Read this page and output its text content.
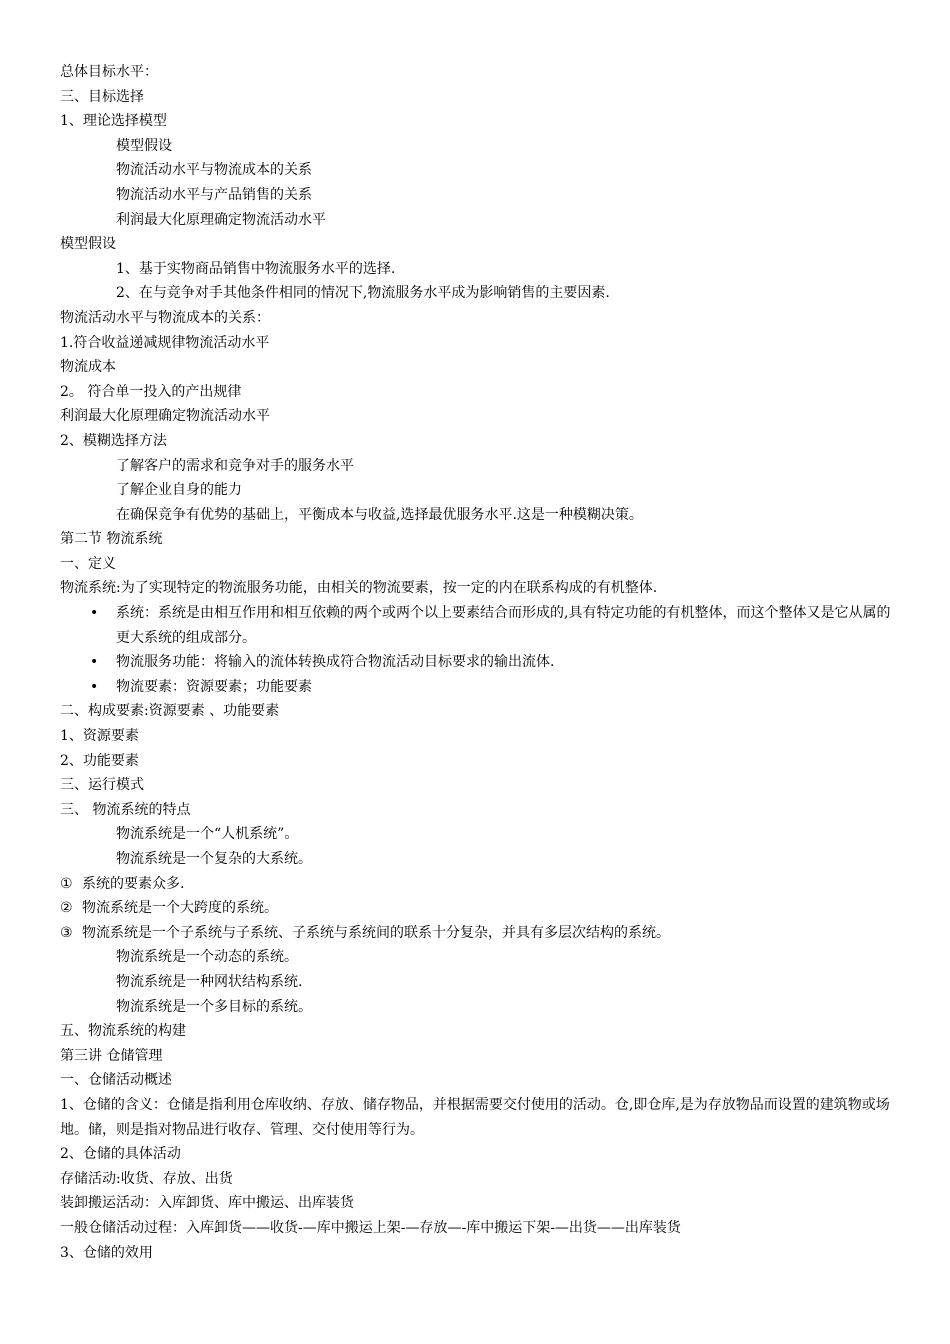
总体目标水平：
三、目标选择
1、理论选择模型
模型假设
物流活动水平与物流成本的关系
物流活动水平与产品销售的关系
利润最大化原理确定物流活动水平
模型假设
1、基于实物商品销售中物流服务水平的选择.
2、在与竞争对手其他条件相同的情况下,物流服务水平成为影响销售的主要因素.
物流活动水平与物流成本的关系：
1.符合收益递减规律物流活动水平
物流成本
2。 符合单一投入的产出规律
利润最大化原理确定物流活动水平
2、模糊选择方法
了解客户的需求和竞争对手的服务水平
了解企业自身的能力
在确保竞争有优势的基础上，平衡成本与收益,选择最优服务水平.这是一种模糊决策。
第二节 物流系统
一、定义
物流系统:为了实现特定的物流服务功能，由相关的物流要素，按一定的内在联系构成的有机整体.
•	系统：系统是由相互作用和相互依赖的两个或两个以上要素结合而形成的,具有特定功能的有机整体，而这个整体又是它从属的更大系统的组成部分。
•	物流服务功能：将输入的流体转换成符合物流活动目标要求的输出流体.
•	物流要素：资源要素；功能要素
二、构成要素:资源要素 、功能要素
1、资源要素
2、功能要素
三、运行模式
三、 物流系统的特点
物流系统是一个“人机系统”。
物流系统是一个复杂的大系统。
① 系统的要素众多.
② 物流系统是一个大跨度的系统。
③ 物流系统是一个子系统与子系统、子系统与系统间的联系十分复杂，并具有多层次结构的系统。
物流系统是一个动态的系统。
物流系统是一种网状结构系统.
物流系统是一个多目标的系统。
五、物流系统的构建
第三讲 仓储管理
一、仓储活动概述
1、仓储的含义：仓储是指利用仓库收纳、存放、储存物品，并根据需要交付使用的活动。仓,即仓库,是为存放物品而设置的建筑物或场地。储，则是指对物品进行收存、管理、交付使用等行为。
2、仓储的具体活动
存储活动:收货、存放、出货
装卸搬运活动：入库卸货、库中搬运、出库装货
一般仓储活动过程：入库卸货——收货-—库中搬运上架-—存放—-库中搬运下架-—出货——出库装货
3、仓储的效用
